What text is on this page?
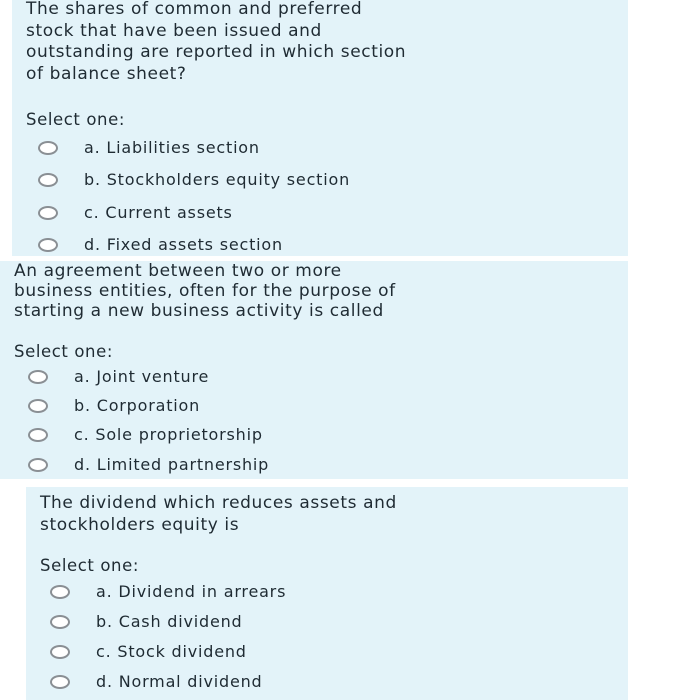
The shares of common and preferred
stock that have been issued and
outstanding are reported in which section
of balance sheet?

Select one:
a. Liabilities section
b. Stockholders equity section
c. Current assets
d. Fixed assets section

An agreement between two or more
business entities, often for the purpose of
starting a new business activity is called

Select one:
a. Joint venture
b. Corporation
c. Sole proprietorship
d. Limited partnership

The dividend which reduces assets and
stockholders equity is

Select one:
a. Dividend in arrears
b. Cash dividend
c. Stock dividend
d. Normal dividend
